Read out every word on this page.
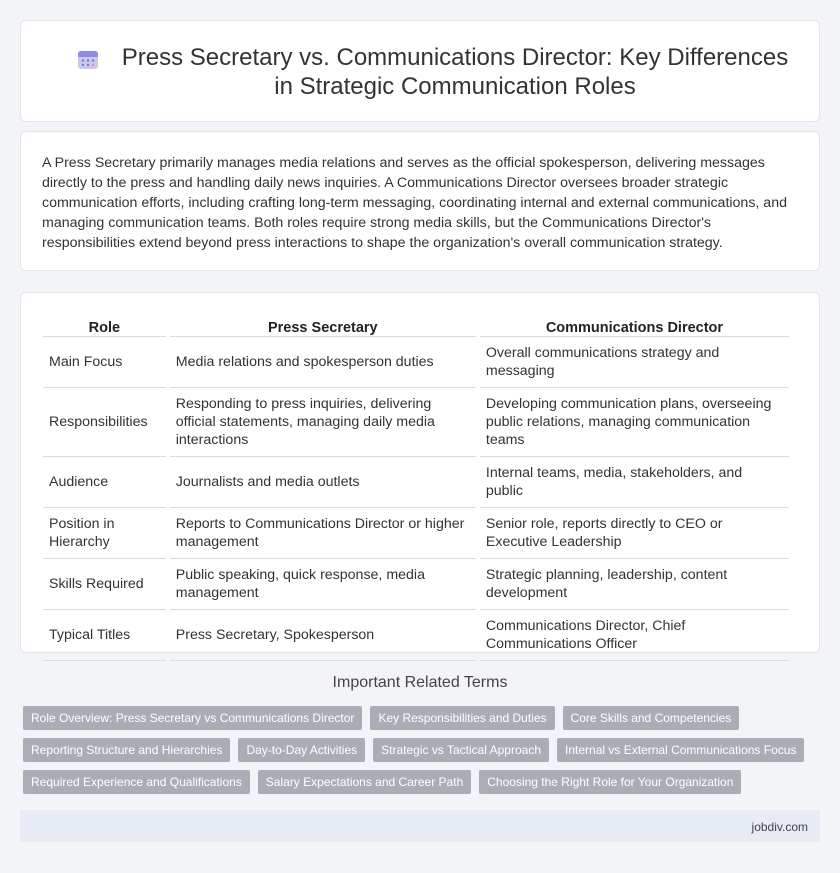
Press Secretary vs. Communications Director: Key Differences in Strategic Communication Roles

A Press Secretary primarily manages media relations and serves as the official spokesperson, delivering messages directly to the press and handling daily news inquiries. A Communications Director oversees broader strategic communication efforts, including crafting long-term messaging, coordinating internal and external communications, and managing communication teams. Both roles require strong media skills, but the Communications Director's responsibilities extend beyond press interactions to shape the organization's overall communication strategy.

Role	Press Secretary	Communications Director
Main Focus	Media relations and spokesperson duties	Overall communications strategy and messaging
Responsibilities	Responding to press inquiries, delivering official statements, managing daily media interactions	Developing communication plans, overseeing public relations, managing communication teams
Audience	Journalists and media outlets	Internal teams, media, stakeholders, and public
Position in Hierarchy	Reports to Communications Director or higher management	Senior role, reports directly to CEO or Executive Leadership
Skills Required	Public speaking, quick response, media management	Strategic planning, leadership, content development
Typical Titles	Press Secretary, Spokesperson	Communications Director, Chief Communications Officer
Important Related Terms
Role Overview: Press Secretary vs Communications Director	Key Responsibilities and Duties	Core Skills and Competencies
Reporting Structure and Hierarchies	Day-to-Day Activities	Strategic vs Tactical Approach	Internal vs External Communications Focus
Required Experience and Qualifications	Salary Expectations and Career Path	Choosing the Right Role for Your Organization
jobdiv.com
